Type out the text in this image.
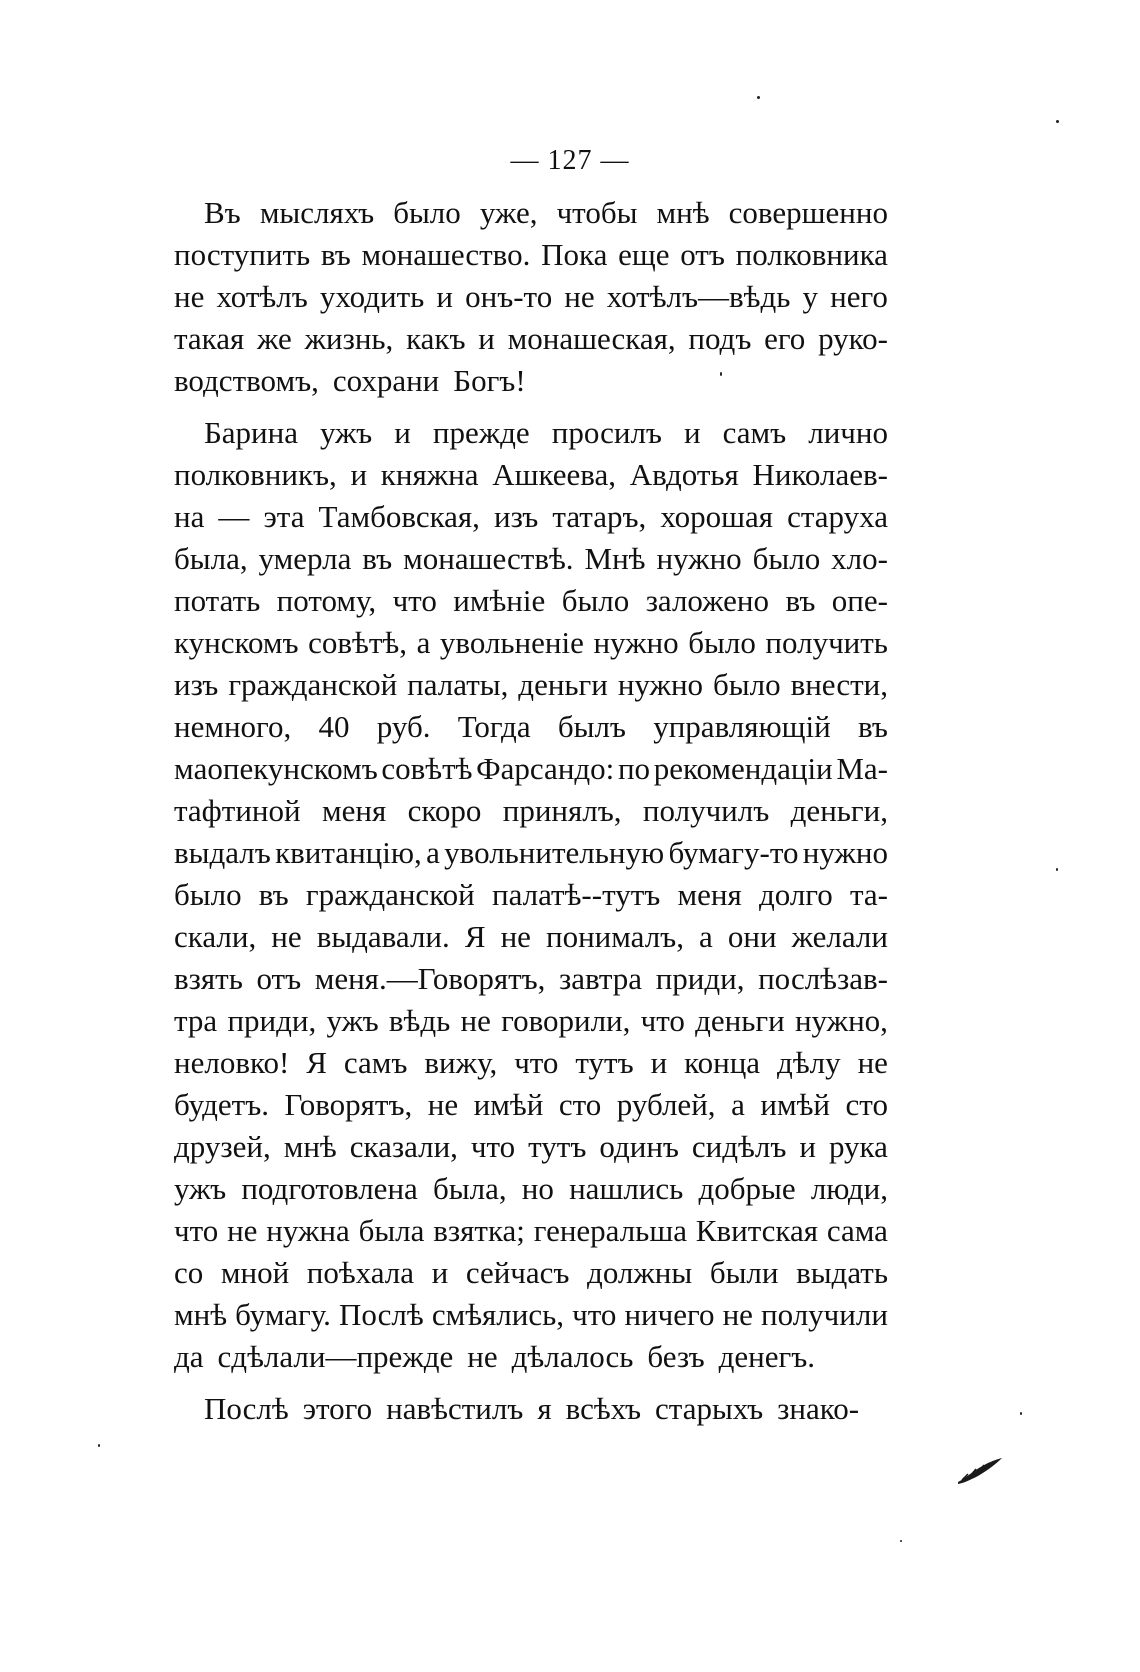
— 127 —
Въ мысляхъ было уже, чтобы мнѣ совершенно
поступить въ монашество. Пока еще отъ полковника
не хотѣлъ уходить и онъ-то не хотѣлъ—вѣдь у него
такая же жизнь, какъ и монашеская, подъ его руко-
водствомъ, сохрани Богъ!
Барина ужъ и прежде просилъ и самъ лично
полковникъ, и княжна Ашкеева, Авдотья Николаев-
на — эта Тамбовская, изъ татаръ, хорошая старуха
была, умерла въ монашествѣ. Мнѣ нужно было хло-
потать потому, что имѣніе было заложено въ опе-
кунскомъ совѣтѣ, а увольненіе нужно было получить
изъ гражданской палаты, деньги нужно было внести,
немного, 40 руб. Тогда былъ управляющій въ
мaопекунскомъ совѣтѣ Фарсандо: по рекомендаціи Ма-
тафтиной меня скоро принялъ, получилъ деньги,
выдалъ квитанцію, а увольнительную бумагу-то нужно
было въ гражданской палатѣ--тутъ меня долго та-
скали, не выдавали. Я не понималъ, а они желали
взять отъ меня.—Говорятъ, завтра приди, послѣзав-
тра приди, ужъ вѣдь не говорили, что деньги нужно,
неловко! Я самъ вижу, что тутъ и конца дѣлу не
будетъ. Говорятъ, не имѣй сто рублей, а имѣй сто
друзей, мнѣ сказали, что тутъ одинъ сидѣлъ и рука
ужъ подготовлена была, но нашлись добрые люди,
что не нужна была взятка; генеральша Квитская сама
со мной поѣхала и сейчасъ должны были выдать
мнѣ бумагу. Послѣ смѣялись, что ничего не получили
да сдѣлали—прежде не дѣлалось безъ денегъ.
Послѣ этого навѣстилъ я всѣхъ старыхъ знако-
